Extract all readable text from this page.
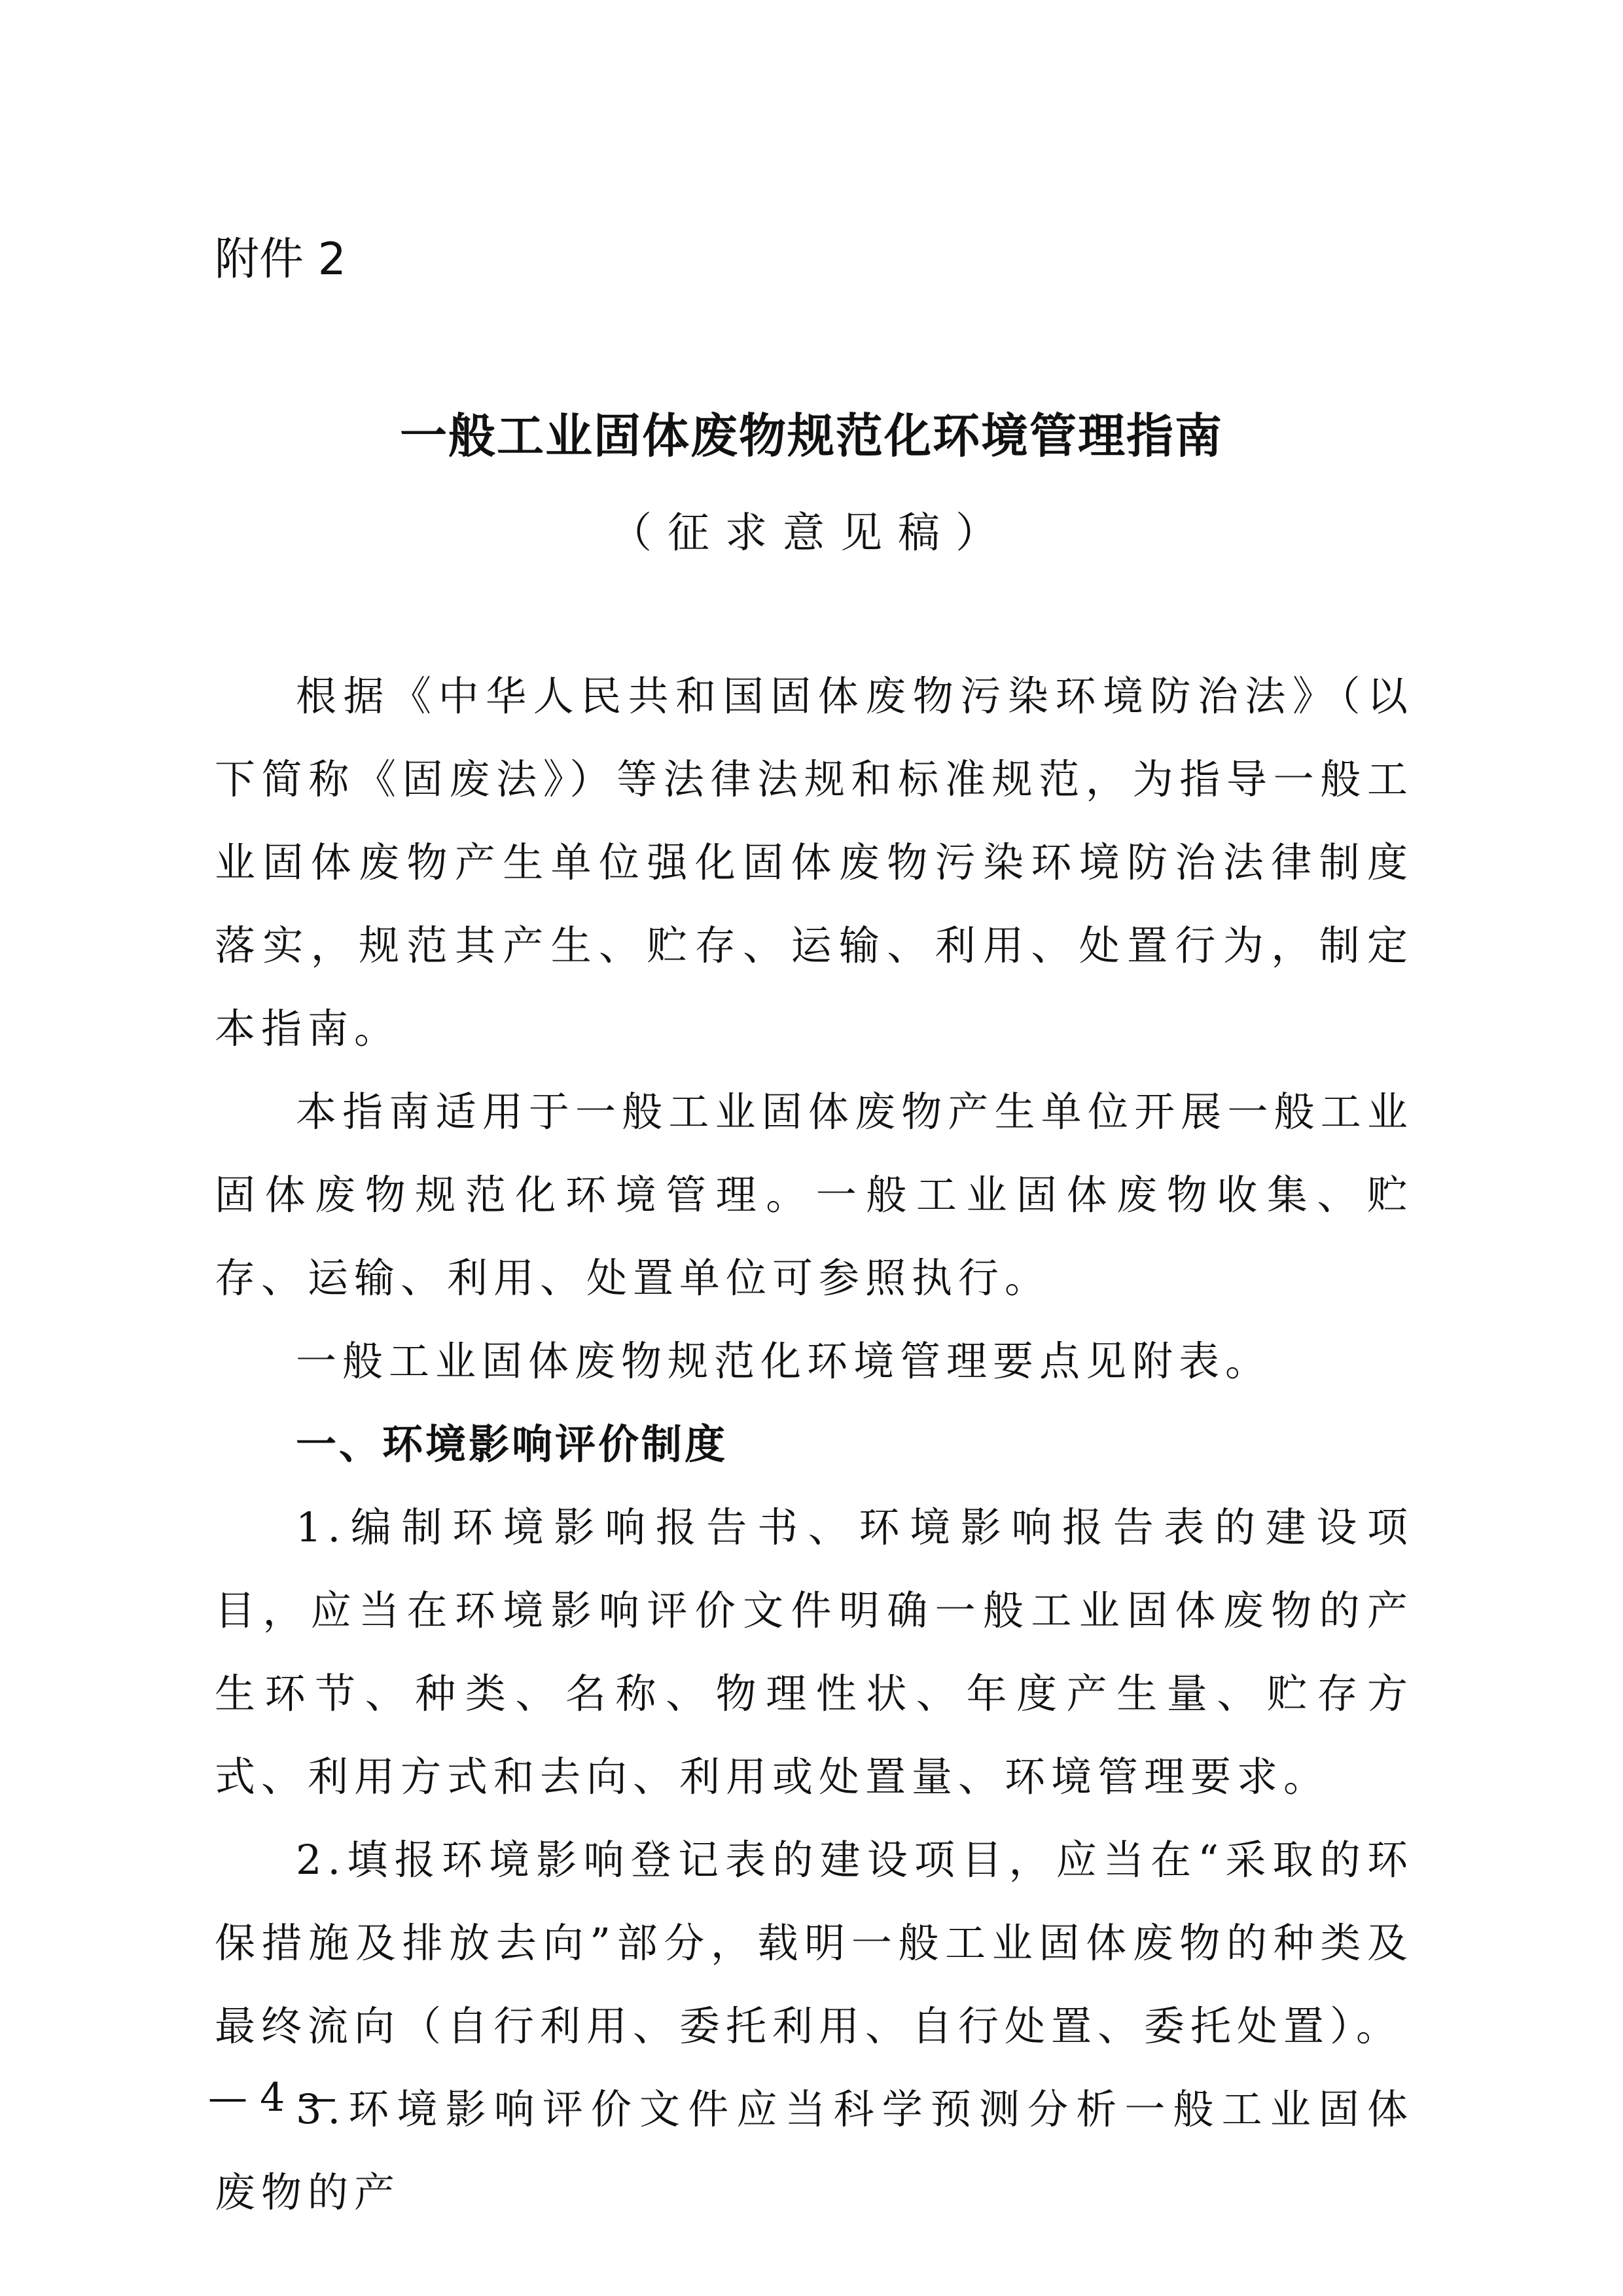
附件 2
一般工业固体废物规范化环境管理指南
（征求意见稿）

根据《中华人民共和国固体废物污染环境防治法》（以下简称《固废法》）等法律法规和标准规范，为指导一般工业固体废物产生单位强化固体废物污染环境防治法律制度落实，规范其产生、贮存、运输、利用、处置行为，制定本指南。

本指南适用于一般工业固体废物产生单位开展一般工业固体废物规范化环境管理。一般工业固体废物收集、贮存、运输、利用、处置单位可参照执行。

一般工业固体废物规范化环境管理要点见附表。

一、环境影响评价制度

1.编制环境影响报告书、环境影响报告表的建设项目，应当在环境影响评价文件明确一般工业固体废物的产生环节、种类、名称、物理性状、年度产生量、贮存方式、利用方式和去向、利用或处置量、环境管理要求。

2.填报环境影响登记表的建设项目，应当在“采取的环保措施及排放去向”部分，载明一般工业固体废物的种类及最终流向（自行利用、委托利用、自行处置、委托处置）。

3.环境影响评价文件应当科学预测分析一般工业固体废物的产

— 4 —
